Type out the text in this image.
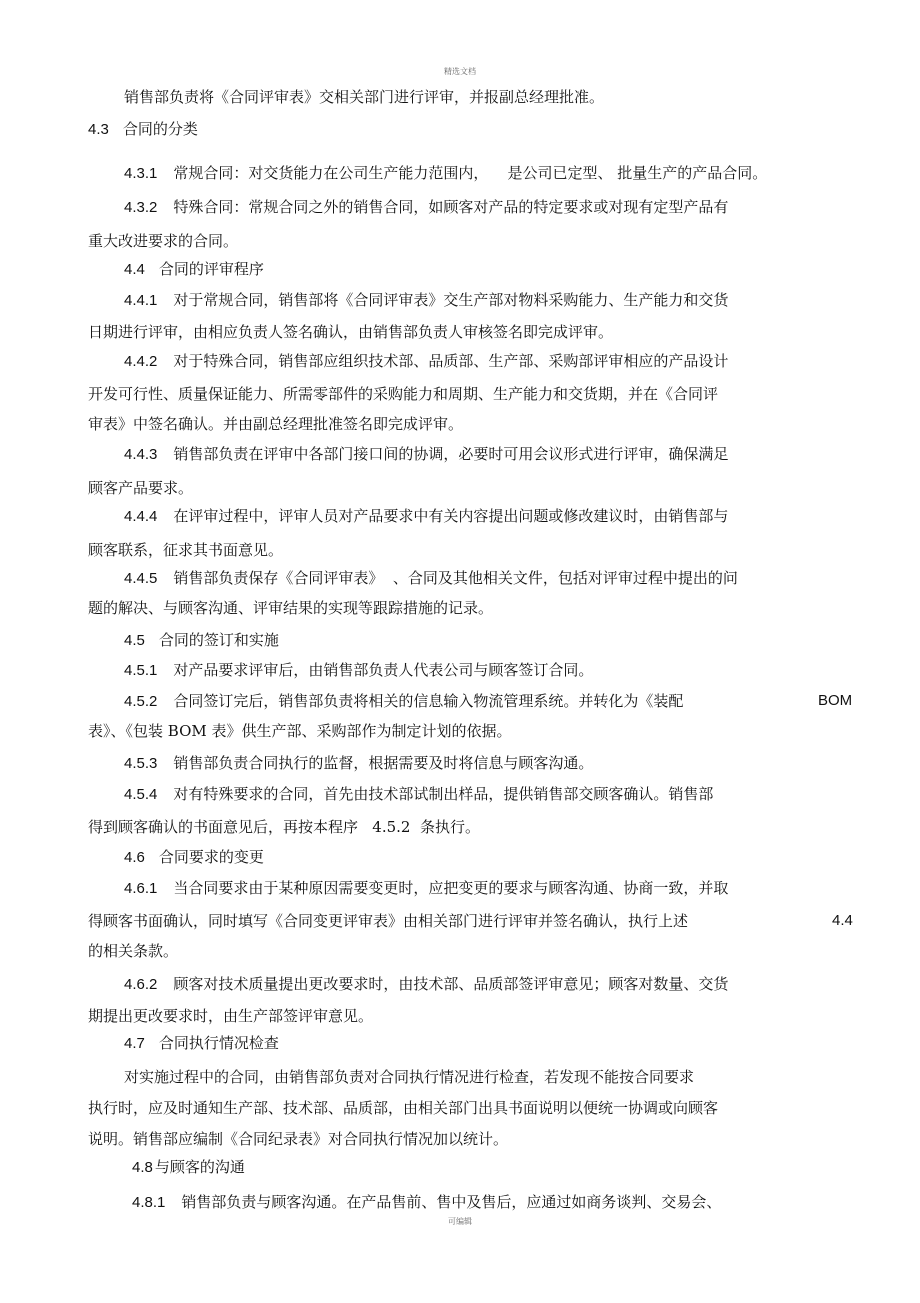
精选文档
销售部负责将《合同评审表》交相关部门进行评审，并报副总经理批准。
4.3 合同的分类
4.3.1 常规合同：对交货能力在公司生产能力范围内，    是公司已定型、 批量生产的产品合同。
4.3.2 特殊合同：常规合同之外的销售合同，如顾客对产品的特定要求或对现有定型产品有
重大改进要求的合同。
4.4 合同的评审程序
4.4.1 对于常规合同，销售部将《合同评审表》交生产部对物料采购能力、生产能力和交货
日期进行评审，由相应负责人签名确认，由销售部负责人审核签名即完成评审。
4.4.2 对于特殊合同，销售部应组织技术部、品质部、生产部、采购部评审相应的产品设计
开发可行性、质量保证能力、所需零部件的采购能力和周期、生产能力和交货期，并在《合同评
审表》中签名确认。并由副总经理批准签名即完成评审。
4.4.3 销售部负责在评审中各部门接口间的协调，必要时可用会议形式进行评审，确保满足
顾客产品要求。
4.4.4 在评审过程中，评审人员对产品要求中有关内容提出问题或修改建议时，由销售部与
顾客联系，征求其书面意见。
4.4.5 销售部负责保存《合同评审表》  、合同及其他相关文件，包括对评审过程中提出的问
题的解决、与顾客沟通、评审结果的实现等跟踪措施的记录。
4.5 合同的签订和实施
4.5.1 对产品要求评审后，由销售部负责人代表公司与顾客签订合同。
4.5.2 合同签订完后，销售部负责将相关的信息输入物流管理系统。并转化为《装配	BOM
表》、《包装 BOM 表》供生产部、采购部作为制定计划的依据。
4.5.3 销售部负责合同执行的监督，根据需要及时将信息与顾客沟通。
4.5.4 对有特殊要求的合同，首先由技术部试制出样品，提供销售部交顾客确认。销售部
得到顾客确认的书面意见后，再按本程序   4.5.2  条执行。
4.6 合同要求的变更
4.6.1 当合同要求由于某种原因需要变更时，应把变更的要求与顾客沟通、协商一致，并取
得顾客书面确认，同时填写《合同变更评审表》由相关部门进行评审并签名确认，执行上述	4.4
的相关条款。
4.6.2 顾客对技术质量提出更改要求时，由技术部、品质部签评审意见；顾客对数量、交货
期提出更改要求时，由生产部签评审意见。
4.7 合同执行情况检查
对实施过程中的合同，由销售部负责对合同执行情况进行检查，若发现不能按合同要求
执行时，应及时通知生产部、技术部、品质部，由相关部门出具书面说明以便统一协调或向顾客
说明。销售部应编制《合同纪录表》对合同执行情况加以统计。
4.8 与顾客的沟通
4.8.1 销售部负责与顾客沟通。在产品售前、售中及售后，应通过如商务谈判、交易会、
可编辑
